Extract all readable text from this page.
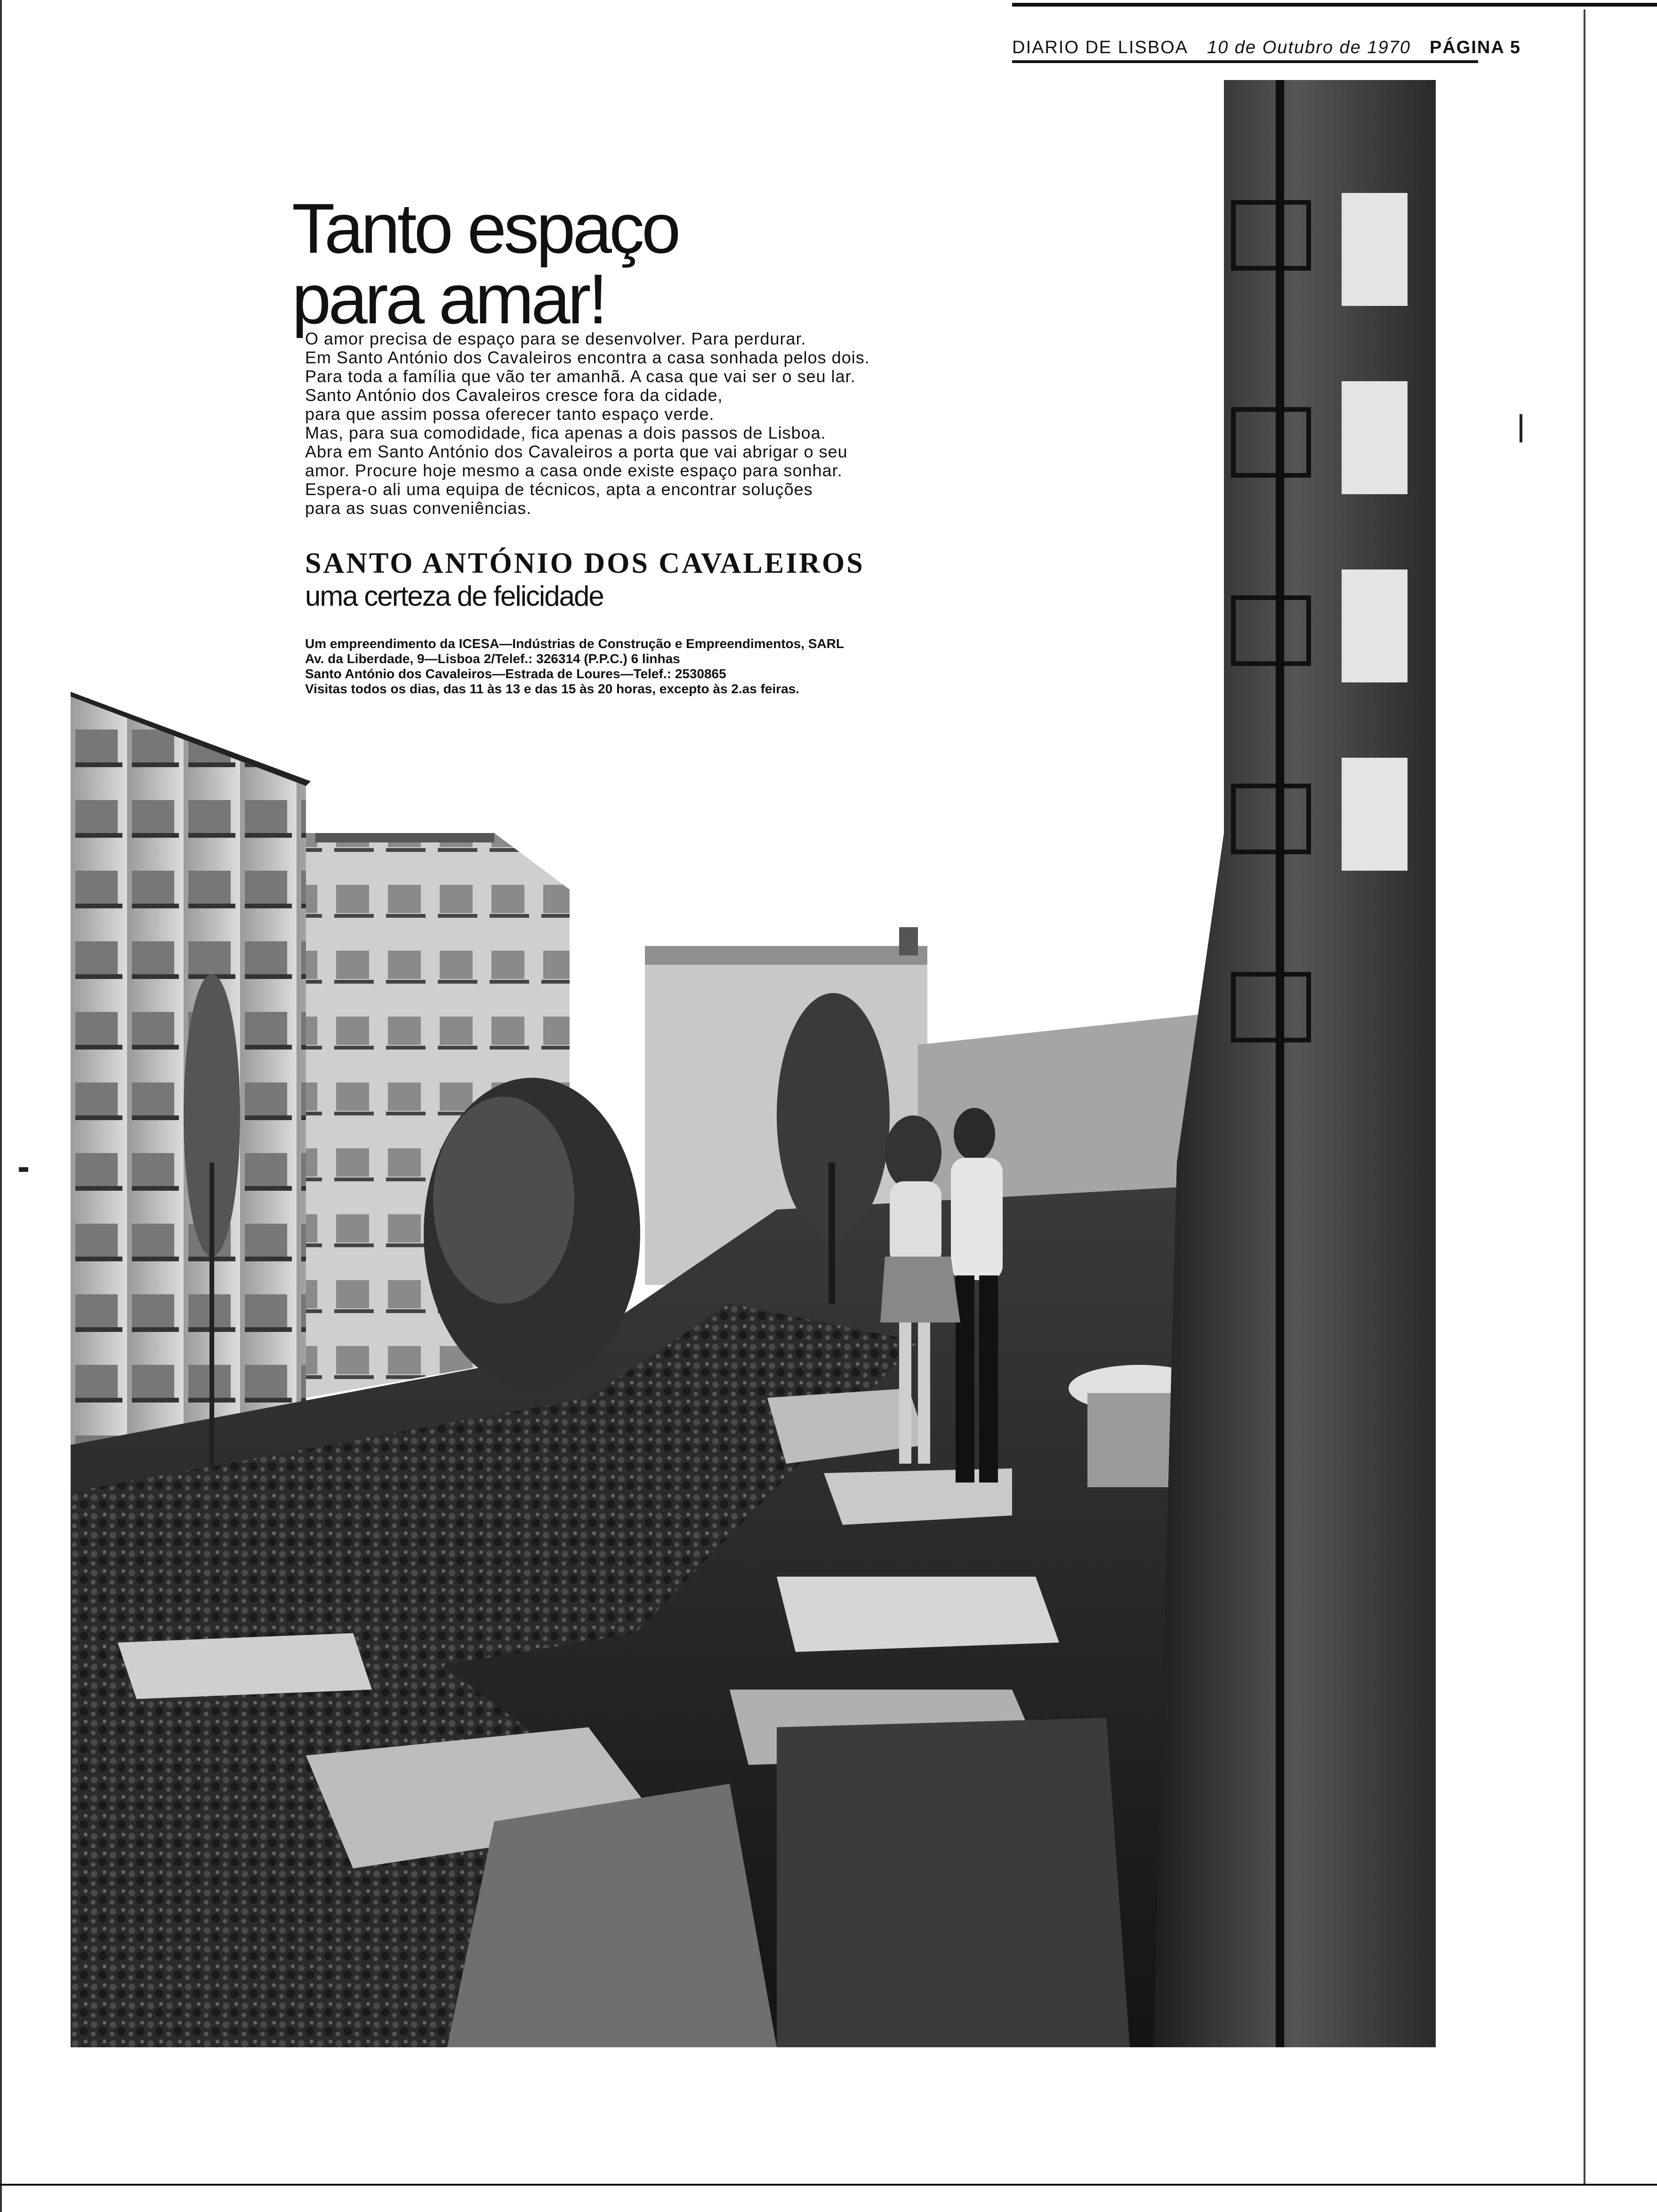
DIARIO DE LISBOA 10 de Outubro de 1970 PÁGINA 5
Tanto espaço
para amar!

O amor precisa de espaço para se desenvolver. Para perdurar.
Em Santo António dos Cavaleiros encontra a casa sonhada pelos dois.
Para toda a família que vão ter amanhã. A casa que vai ser o seu lar.
Santo António dos Cavaleiros cresce fora da cidade,
para que assim possa oferecer tanto espaço verde.
Mas, para sua comodidade, fica apenas a dois passos de Lisboa.
Abra em Santo António dos Cavaleiros a porta que vai abrigar o seu
amor. Procure hoje mesmo a casa onde existe espaço para sonhar.
Espera-o ali uma equipa de técnicos, apta a encontrar soluções
para as suas conveniências.

SANTO ANTÓNIO DOS CAVALEIROS

uma certeza de felicidade

Um empreendimento da ICESA—Indústrias de Construção e Empreendimentos, SARL
Av. da Liberdade, 9—Lisboa 2/Telef.: 326314 (P.P.C.) 6 linhas
Santo António dos Cavaleiros—Estrada de Loures—Telef.: 2530865
Visitas todos os dias, das 11 às 13 e das 15 às 20 horas, excepto às 2.as feiras.
